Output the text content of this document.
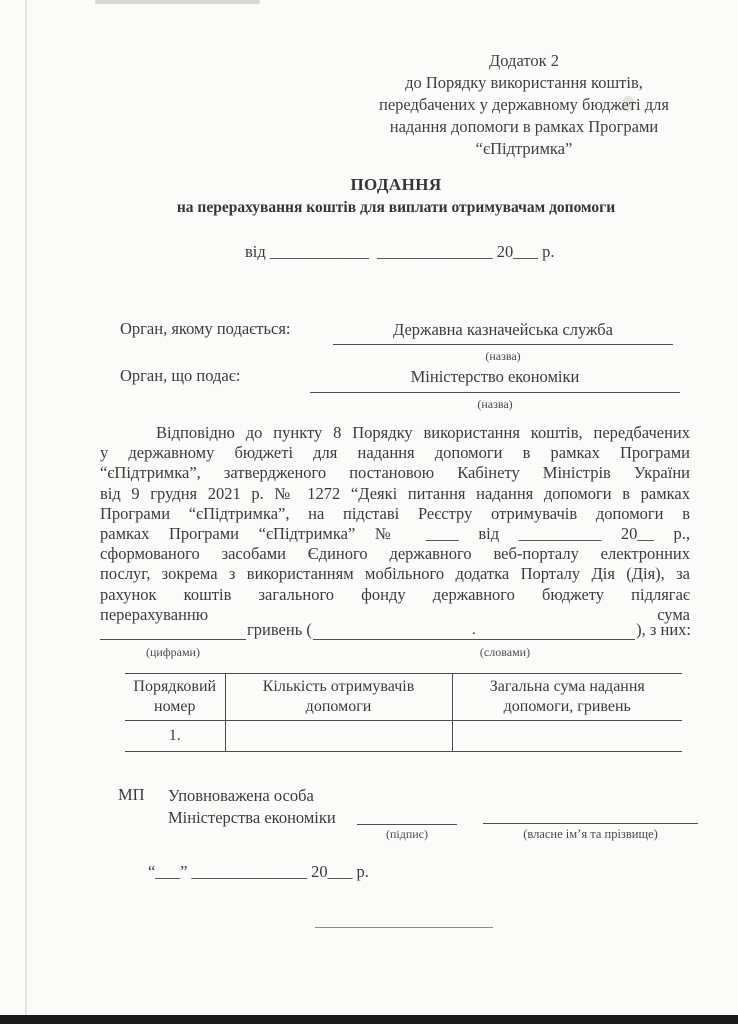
Додаток 2
до Порядку використання коштів,
передбачених у державному бюджеті для
надання допомоги в рамках Програми
“єПідтримка”
ПОДАННЯ
на перерахування коштів для виплати отримувачам допомоги
від ____________  ______________ 20___ р.
Орган, якому подається:	Державна казначейська служба
(назва)
Орган, що подає:	Міністерство економіки
(назва)
Відповідно до пункту 8 Порядку використання коштів, передбачених
у державному бюджеті для надання допомоги в рамках Програми
“єПідтримка”, затвердженого постановою Кабінету Міністрів України
від 9 грудня 2021 р. № 1272 “Деякі питання надання допомоги в рамках
Програми “єПідтримка”, на підставі Реєстру отримувачів допомоги в
рамках Програми “єПідтримка” № ____ від __________ 20__ р.,
сформованого засобами Єдиного державного веб-порталу електронних
послуг, зокрема з використанням мобільного додатка Порталу Дія (Дія), за
рахунок коштів загального фонду державного бюджету підлягає
перерахуванню сума
гривень (	·	), з них:
(цифрами)	(словами)
Порядковий номер	Кількість отримувачів допомоги	Загальна сума надання допомоги, гривень
1.		
МП Уповноважена особа
Міністерства економіки
(підпис)	(власне ім’я та прізвище)
“___” ______________ 20___ р.
